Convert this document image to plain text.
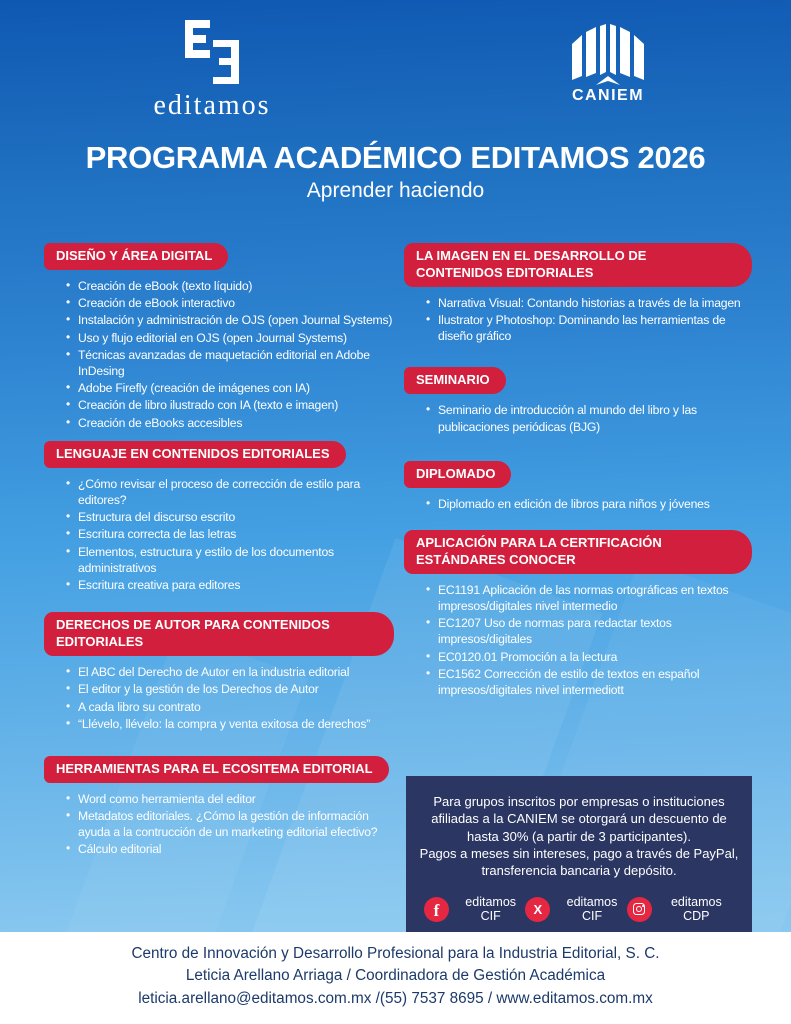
editamos	CANIEM
PROGRAMA ACADÉMICO EDITAMOS 2026
Aprender haciendo
DISEÑO Y ÁREA DIGITAL
• Creación de eBook (texto líquido)
• Creación de eBook interactivo
• Instalación y administración de OJS (open Journal Systems)
• Uso y flujo editorial en OJS (open Journal Systems)
• Técnicas avanzadas de maquetación editorial en Adobe InDesing
• Adobe Firefly (creación de imágenes con IA)
• Creación de libro ilustrado con IA (texto e imagen)
• Creación de eBooks accesibles
LENGUAJE EN CONTENIDOS EDITORIALES
• ¿Cómo revisar el proceso de corrección de estilo para editores?
• Estructura del discurso escrito
• Escritura correcta de las letras
• Elementos, estructura y estilo de los documentos administrativos
• Escritura creativa para editores
DERECHOS DE AUTOR PARA CONTENIDOS EDITORIALES
• El ABC del Derecho de Autor en la industria editorial
• El editor y la gestión de los Derechos de Autor
• A cada libro su contrato
• “Llévelo, llévelo: la compra y venta exitosa de derechos”
HERRAMIENTAS PARA EL ECOSITEMA EDITORIAL
• Word como herramienta del editor
• Metadatos editoriales. ¿Cómo la gestión de información ayuda a la contrucción de un marketing editorial efectivo?
• Cálculo editorial
LA IMAGEN EN EL DESARROLLO DE CONTENIDOS EDITORIALES
• Narrativa Visual: Contando historias a través de la imagen
• Ilustrator y Photoshop: Dominando las herramientas de diseño gráfico
SEMINARIO
• Seminario de introducción al mundo del libro y las publicaciones periódicas (BJG)
DIPLOMADO
• Diplomado en edición de libros para niños y jóvenes
APLICACIÓN PARA LA CERTIFICACIÓN ESTÁNDARES CONOCER
• EC1191 Aplicación de las normas ortográficas en textos impresos/digitales nivel intermedio
• EC1207 Uso de normas para redactar textos impresos/digitales
• EC0120.01 Promoción a la lectura
• EC1562 Corrección de estilo de textos en español impresos/digitales nivel intermediott

Para grupos inscritos por empresas o instituciones afiliadas a la CANIEM se otorgará un descuento de hasta 30% (a partir de 3 participantes).

Pagos a meses sin intereses, pago a través de PayPal, transferencia bancaria y depósito.

f	editamos CIF	X	editamos CIF
editamos CDP
Centro de Innovación y Desarrollo Profesional para la Industria Editorial, S. C.
Leticia Arellano Arriaga / Coordinadora de Gestión Académica
leticia.arellano@editamos.com.mx /(55) 7537 8695 / www.editamos.com.mx
